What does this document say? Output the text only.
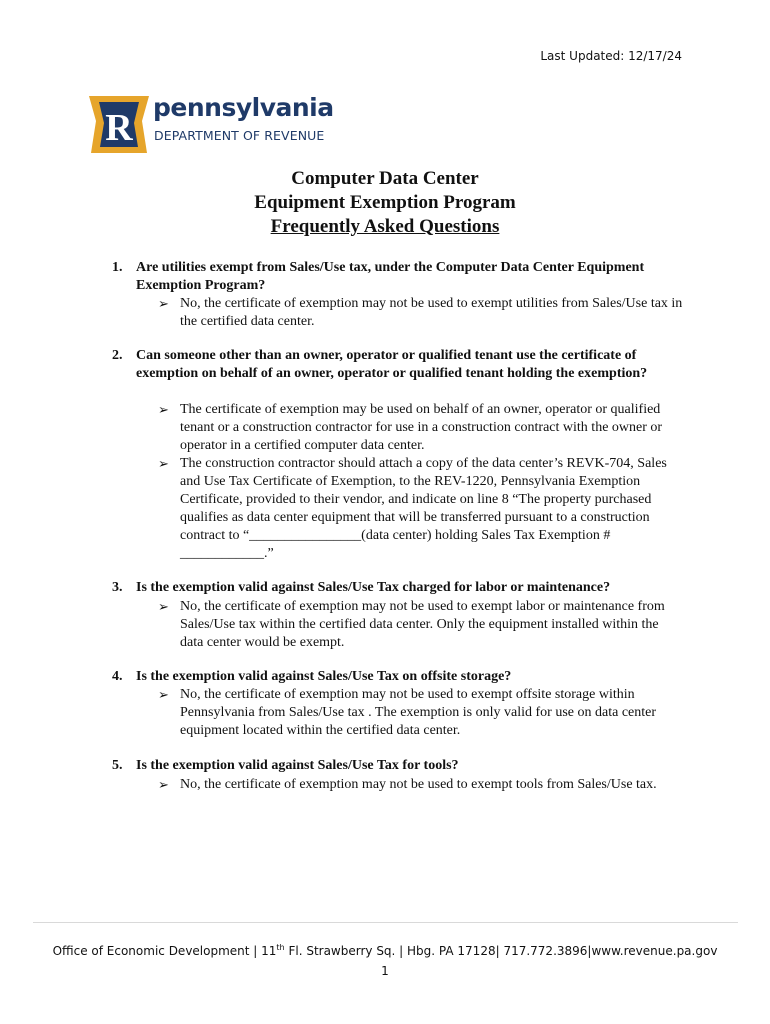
Last Updated: 12/17/24
R pennsylvania
DEPARTMENT OF REVENUE
Computer Data Center
Equipment Exemption Program
Frequently Asked Questions
1. Are utilities exempt from Sales/Use tax, under the Computer Data Center Equipment Exemption Program?
➢ No, the certificate of exemption may not be used to exempt utilities from Sales/Use tax in the certified data center.
2. Can someone other than an owner, operator or qualified tenant use the certificate of exemption on behalf of an owner, operator or qualified tenant holding the exemption?
➢ The certificate of exemption may be used on behalf of an owner, operator or qualified tenant or a construction contractor for use in a construction contract with the owner or operator in a certified computer data center.
➢ The construction contractor should attach a copy of the data center’s REVK-704, Sales and Use Tax Certificate of Exemption, to the REV-1220, Pennsylvania Exemption Certificate, provided to their vendor, and indicate on line 8 “The property purchased qualifies as data center equipment that will be transferred pursuant to a construction contract to “________________(data center) holding Sales Tax Exemption # ____________.”
3. Is the exemption valid against Sales/Use Tax charged for labor or maintenance?
➢ No, the certificate of exemption may not be used to exempt labor or maintenance from Sales/Use tax within the certified data center. Only the equipment installed within the data center would be exempt.
4. Is the exemption valid against Sales/Use Tax on offsite storage?
➢ No, the certificate of exemption may not be used to exempt offsite storage within Pennsylvania from Sales/Use tax . The exemption is only valid for use on data center equipment located within the certified data center.
5. Is the exemption valid against Sales/Use Tax for tools?
➢ No, the certificate of exemption may not be used to exempt tools from Sales/Use tax.
Office of Economic Development | 11th Fl. Strawberry Sq. | Hbg. PA 17128| 717.772.3896|www.revenue.pa.gov
1
